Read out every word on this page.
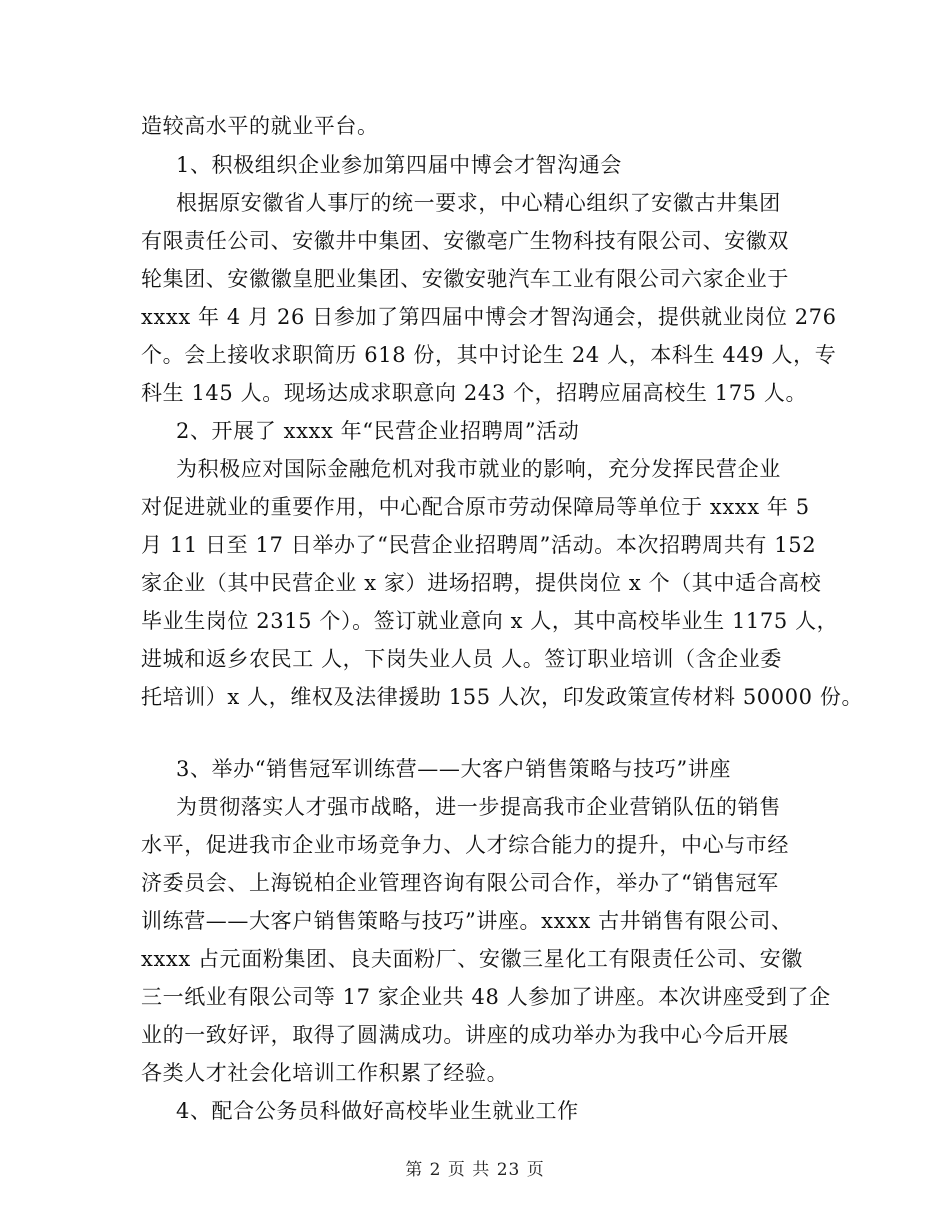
造较高水平的就业平台。
1、积极组织企业参加第四届中博会才智沟通会
根据原安徽省人事厅的统一要求，中心精心组织了安徽古井集团
有限责任公司、安徽井中集团、安徽亳广生物科技有限公司、安徽双
轮集团、安徽徽皇肥业集团、安徽安驰汽车工业有限公司六家企业于
xxxx 年 4 月 26 日参加了第四届中博会才智沟通会，提供就业岗位 276
个。会上接收求职简历 618 份，其中讨论生 24 人，本科生 449 人，专
科生 145 人。现场达成求职意向 243 个，招聘应届高校生 175 人。
2、开展了 xxxx 年“民营企业招聘周”活动
为积极应对国际金融危机对我市就业的影响，充分发挥民营企业
对促进就业的重要作用，中心配合原市劳动保障局等单位于 xxxx 年 5
月 11 日至 17 日举办了“民营企业招聘周”活动。本次招聘周共有 152
家企业（其中民营企业 x 家）进场招聘，提供岗位 x 个（其中适合高校
毕业生岗位 2315 个）。签订就业意向 x 人，其中高校毕业生 1175 人，
进城和返乡农民工 人，下岗失业人员 人。签订职业培训（含企业委
托培训）x 人，维权及法律援助 155 人次，印发政策宣传材料 50000 份。
3、举办“销售冠军训练营——大客户销售策略与技巧”讲座
为贯彻落实人才强市战略，进一步提高我市企业营销队伍的销售
水平，促进我市企业市场竞争力、人才综合能力的提升，中心与市经
济委员会、上海锐柏企业管理咨询有限公司合作，举办了“销售冠军
训练营——大客户销售策略与技巧”讲座。xxxx 古井销售有限公司、
xxxx 占元面粉集团、良夫面粉厂、安徽三星化工有限责任公司、安徽
三一纸业有限公司等 17 家企业共 48 人参加了讲座。本次讲座受到了企
业的一致好评，取得了圆满成功。讲座的成功举办为我中心今后开展
各类人才社会化培训工作积累了经验。
4、配合公务员科做好高校毕业生就业工作
第 2 页 共 23 页
